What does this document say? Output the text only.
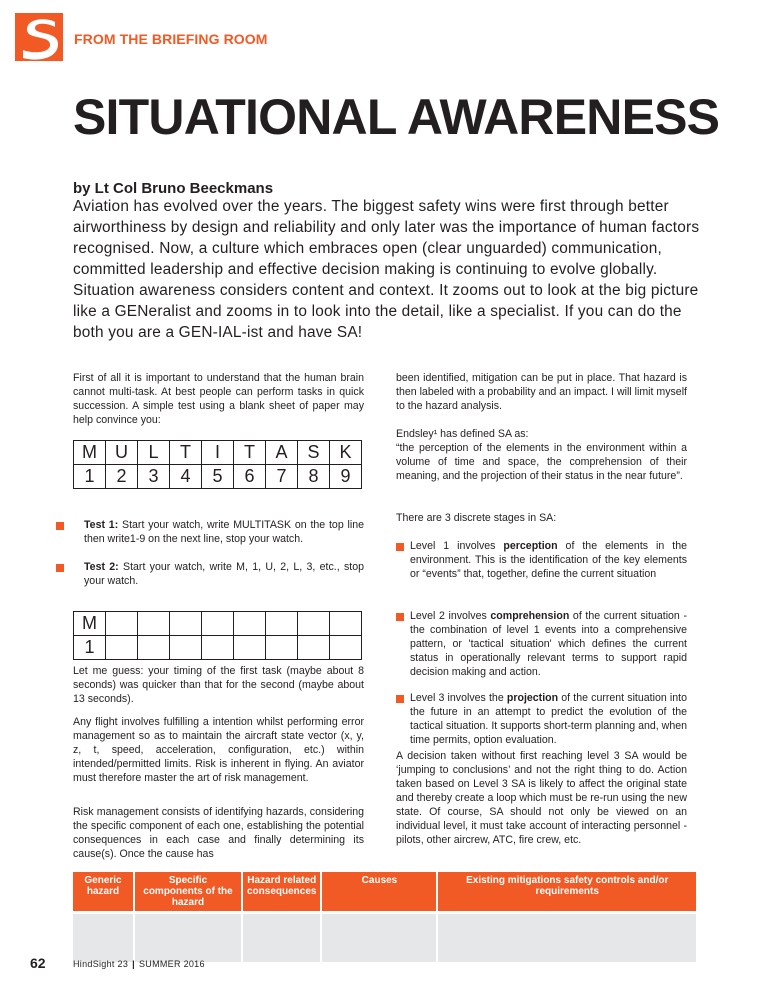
FROM THE BRIEFING ROOM
SITUATIONAL AWARENESS
by Lt Col Bruno Beeckmans

Aviation has evolved over the years. The biggest safety wins were first through better airworthiness by design and reliability and only later was the importance of human factors recognised. Now, a culture which embraces open (clear unguarded) communication, committed leadership and effective decision making is continuing to evolve globally. Situation awareness considers content and context. It zooms out to look at the big picture like a GENeralist and zooms in to look into the detail, like a specialist. If you can do the both you are a GEN-IAL-ist and have SA!

First of all it is important to understand that the human brain cannot multi-task. At best people can perform tasks in quick succession. A simple test using a blank sheet of paper may help convince you:

M	U	L	T	I	T	A	S	K
1	2	3	4	5	6	7	8	9
Test 1: Start your watch, write MULTITASK on the top line then write1-9 on the next line, stop your watch.
Test 2: Start your watch, write M, 1, U, 2, L, 3, etc., stop your watch.
M								
1								

Let me guess: your timing of the first task (maybe about 8 seconds) was quicker than that for the second (maybe about 13 seconds).

Any flight involves fulfilling a intention whilst performing error management so as to maintain the aircraft state vector (x, y, z, t, speed, acceleration, configuration, etc.) within intended/permitted limits. Risk is inherent in flying. An aviator must therefore master the art of risk management.

Risk management consists of identifying hazards, considering the specific component of each one, establishing the potential consequences in each case and finally determining its cause(s). Once the cause has

been identified, mitigation can be put in place. That hazard is then labeled with a probability and an impact. I will limit myself to the hazard analysis.

Endsley¹ has defined SA as:

“the perception of the elements in the environment within a volume of time and space, the comprehension of their meaning, and the projection of their status in the near future”.

There are 3 discrete stages in SA:

Level 1 involves perception of the elements in the environment. This is the identification of the key elements or “events” that, together, define the current situation
Level 2 involves comprehension of the current situation - the combination of level 1 events into a comprehensive pattern, or 'tactical situation' which defines the current status in operationally relevant terms to support rapid decision making and action.
Level 3 involves the projection of the current situation into the future in an attempt to predict the evolution of the tactical situation. It supports short-term planning and, when time permits, option evaluation.

A decision taken without first reaching level 3 SA would be ‘jumping to conclusions’ and not the right thing to do. Action taken based on Level 3 SA is likely to affect the original state and thereby create a loop which must be re-run using the new state. Of course, SA should not only be viewed on an individual level, it must take account of interacting personnel - pilots, other aircrew, ATC, fire crew, etc.

Generic hazard	Specific components of the hazard	Hazard related consequences	Causes	Existing mitigations safety controls and/or requirements

62	HindSight 23 | SUMMER 2016
